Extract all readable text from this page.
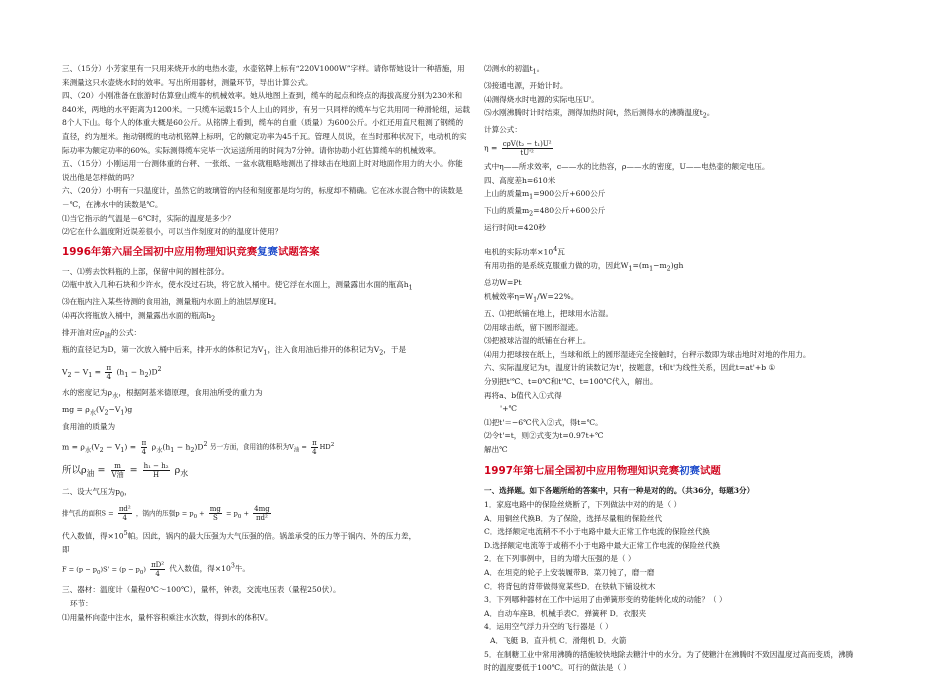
三、（15分）小芳家里有一只用来烧开水的电热水壶，水壶铭牌上标有“220V1000W”字样。请你帮她设计一种措施，用来测量这只水壶烧水时的效率。写出所用器材，测量环节，导出计算公式。

四、（20）小刚准备在旅游时估算登山缆车的机械效率。她从地图上查到，缆车的起点和终点的海拔高度分别为230米和840米，两地的水平距离为1200米。一只缆车运载15个人上山的同步，有另一只同样的缆车与它共用同一种滑轮组，运载8个人下山。每个人的体重大概是60公斤。从铭牌上看到，缆车的自重（质量）为600公斤。小红还用直尺粗测了钢缆的直径，约为厘米。拖动钢缆的电动机铭牌上标明，它的额定功率为45千瓦。管理人员说，在当时那种状况下，电动机的实际功率为额定功率的60%。实际测得缆车完毕一次运送所用的时间为7分钟。请你协助小红估算缆车的机械效率。

五、（15分）小刚运用一台测体重的台秤、一张纸、一盆水就粗略地测出了排球击在地面上时对地面作用力的大小。你能说出他是怎样做的吗？

六、（20分）小明有一只温度计，虽然它的玻璃管的内径和刻度都是均匀的，标度却不精确。它在冰水混合物中的读数是－℃，在沸水中的读数是℃。

⑴当它指示的气温是－6℃时，实际的温度是多少？

⑵它在什么温度附近误差很小，可以当作刻度对的的温度计使用？

1996年第六届全国初中应用物理知识竞赛复赛试题答案

一、⑴剪去饮料瓶的上部，保留中间的圆柱部分。

⑵瓶中放入几种石块和少许水，使水没过石块，将它放入桶中。使它浮在水面上，测量露出水面的瓶高$h_1$

⑶在瓶内注入某些待测的食用油，测量瓶内水面上的油层厚度H。

⑷再次将瓶放入桶中，测量露出水面的瓶高$h_2$

排开油对应$\rho_油$的公式：

瓶的直径记为D，第一次放入桶中后来，排开水的体积记为$V_1$，注入食用油后排开的体积记为$V_2$，于是

$V_2 - V_1 = \frac{\pi}{4} (h_1 - h_2)D^2$

水的密度记为$\rho_水$，根据阿基米德原理，食用油所受的重力为

mg = $\rho_水(V_2-V_1)g$

食用油的质量为

$m = \rho_水(V_2 - V_1) = \frac{\pi}{4} \rho_水(h_1 - h_2)D^2$ 另一方面，食用油的体积为$V_油 = \frac{\pi}{4} HD^2$

所以$\rho_油 = \frac{m}{\text{V油}} = \frac{\text{h₁ − h₂}}{H} \rho_水$

二、设大气压为$p_0$，

排气孔的面积$S = \frac{\text{πd²}}{4}$ ，锅内的压强$p = p_0 + \frac{mg}{S} = p_0 + \frac{4mg}{\text{πd²}}$

代入数值，得$\times 10^5$帕。因此，锅内的最大压强为大气压强的倍。锅盖承受的压力等于锅内、外的压力差，

即

$F = (p - p_0)S' = (p - p_0) \frac{\text{πD²}}{4}$ 代入数值，得$\times 10^3$牛。

三、器材：温度计（量程0℃～100℃），量杯，钟表，交流电压表（量程250伏）。

环节：

⑴用量杯向壶中注水，量杯容积乘注水次数，得到水的体积V。

⑵测水的初温$t_1$。

⑶接通电源，开始计时。

⑷测得烧水时电源的实际电压U'。

⑸水刚沸腾时计时结束，测得加热时间t，然后测得水的沸腾温度$t_2$。

计算公式：

$\eta = \frac{\text{cρV(t₂ − t₁)U²}}{\text{tU'²}}$

式中η——所求效率，c——水的比热容，ρ——水的密度，U——电热壶的额定电压。

四、高度差h=610米

上山的质量$m_1=900$公斤+600公斤

下山的质量$m_2=480$公斤+600公斤

运行时间t=420秒

电机的实际功率$\times 10^4$瓦

有用功指的是系统克服重力做的功，因此$W_1=(m_1-m_2)gh$

总功W=Pt

机械效率$\eta=W_1/W=22\%$。

五、⑴把纸铺在地上，把球用水沾湿。

⑵用球击纸，留下圆形湿迹。

⑶把被球沾湿的纸铺在台秤上。

⑷用力把球按在纸上，当球和纸上的圆形湿迹完全接触时，台秤示数即为球击地时对地的作用力。

六、实际温度记为t，温度计的读数记为t'，按题意，t和t'为线性关系，因此t=at'+b ①

分别把t'℃、t=0℃和t'℃、t=100℃代入，解出。

再将a、b值代入①式得

'+℃

⑴把t'＝−6℃代入②式，得t=℃。

⑵令t'=t，则②式变为t=0.97t+℃

解出℃

1997年第七届全国初中应用物理知识竞赛初赛试题

一、选择题。如下各题所给的答案中，只有一种是对的的。（共36分，每题3分）

1．家庭电路中的保险丝烧断了，下列做法中对的的是（ ）

A．用铜丝代换B．为了保险，选择尽量粗的保险丝代

C．选择额定电流稍不不小于电路中最大正常工作电流的保险丝代换

D.选择额定电流等于或稍不小于电路中最大正常工作电流的保险丝代换

2．在下列事例中，目的为增大压强的是（ ）

A．在坦克的轮子上安装履带B．菜刀钝了，磨一磨

C．将背包的背带做得宽某些D．在铁轨下铺设枕木

3．下列哪种器材在工作中运用了由弹簧形变的势能转化成的动能？（ ）

A．自动车座B．机械手表C．弹簧秤 D．衣服夹

4．运用空气浮力升空的飞行器是（ ）

A．飞艇 B．直升机 C．滑翔机 D．火箭

5．在制糖工业中常用沸腾的措施较快地除去糖汁中的水分。为了使糖汁在沸腾时不致因温度过高而变质，沸腾时的温度要低于100℃。可行的做法是（ ）
